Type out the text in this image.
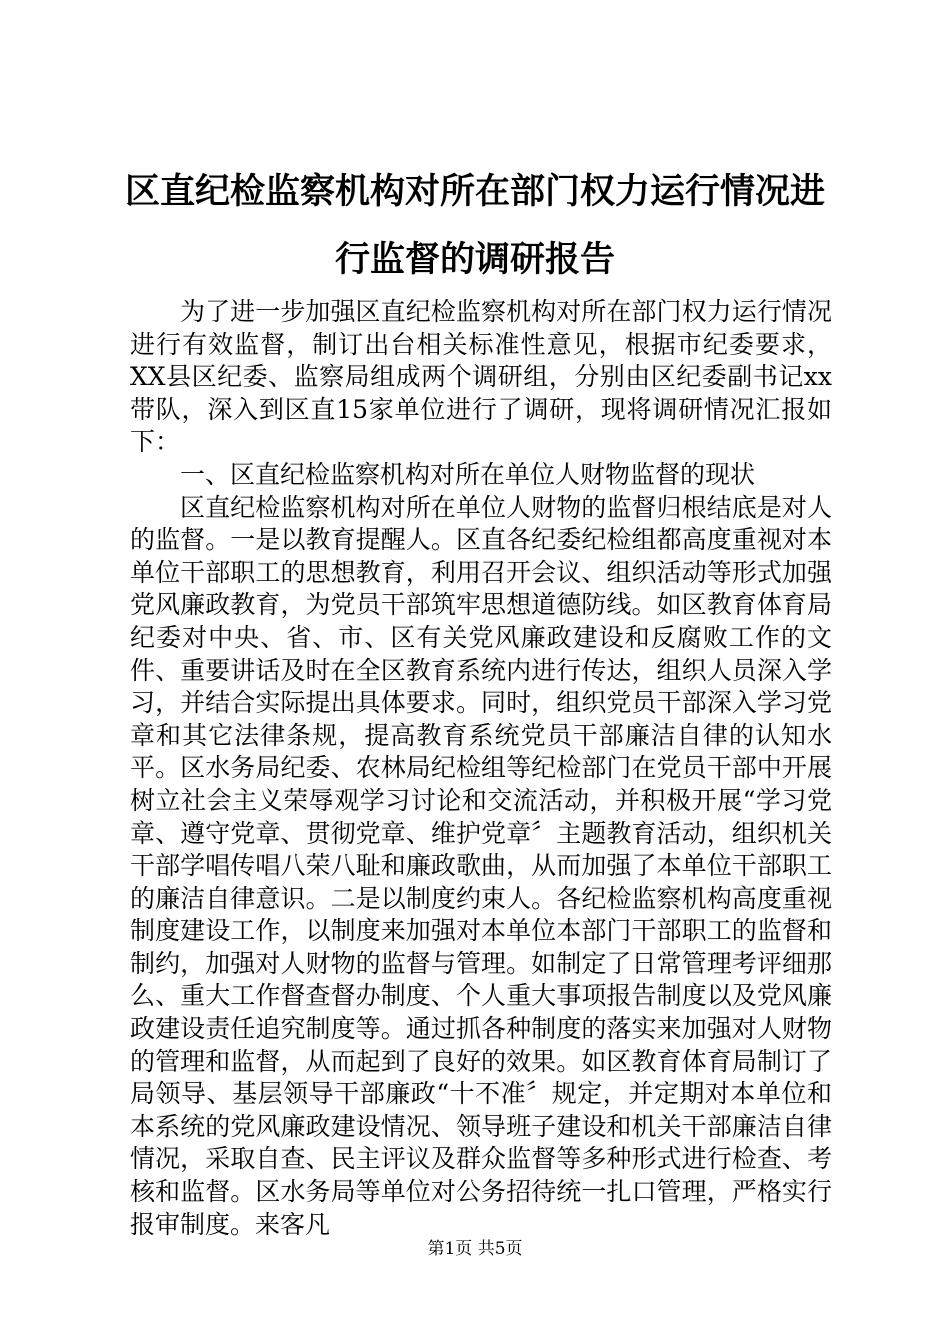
区直纪检监察机构对所在部门权力运行情况进行监督的调研报告

为了进一步加强区直纪检监察机构对所在部门权力运行情况进行有效监督，制订出台相关标准性意见，根据市纪委要求，XX县区纪委、监察局组成两个调研组，分别由区纪委副书记xx带队，深入到区直15家单位进行了调研，现将调研情况汇报如下：

一、区直纪检监察机构对所在单位人财物监督的现状

区直纪检监察机构对所在单位人财物的监督归根结底是对人的监督。一是以教育提醒人。区直各纪委纪检组都高度重视对本单位干部职工的思想教育，利用召开会议、组织活动等形式加强党风廉政教育，为党员干部筑牢思想道德防线。如区教育体育局纪委对中央、省、市、区有关党风廉政建设和反腐败工作的文件、重要讲话及时在全区教育系统内进行传达，组织人员深入学习，并结合实际提出具体要求。同时，组织党员干部深入学习党章和其它法律条规，提高教育系统党员干部廉洁自律的认知水平。区水务局纪委、农林局纪检组等纪检部门在党员干部中开展树立社会主义荣辱观学习讨论和交流活动，并积极开展“学习党章、遵守党章、贯彻党章、维护党章〞主题教育活动，组织机关干部学唱传唱八荣八耻和廉政歌曲，从而加强了本单位干部职工的廉洁自律意识。二是以制度约束人。各纪检监察机构高度重视制度建设工作，以制度来加强对本单位本部门干部职工的监督和制约，加强对人财物的监督与管理。如制定了日常管理考评细那么、重大工作督查督办制度、个人重大事项报告制度以及党风廉政建设责任追究制度等。通过抓各种制度的落实来加强对人财物的管理和监督，从而起到了良好的效果。如区教育体育局制订了局领导、基层领导干部廉政“十不准〞规定，并定期对本单位和本系统的党风廉政建设情况、领导班子建设和机关干部廉洁自律情况，采取自查、民主评议及群众监督等多种形式进行检查、考核和监督。区水务局等单位对公务招待统一扎口管理，严格实行报审制度。来客凡

第1页 共5页
